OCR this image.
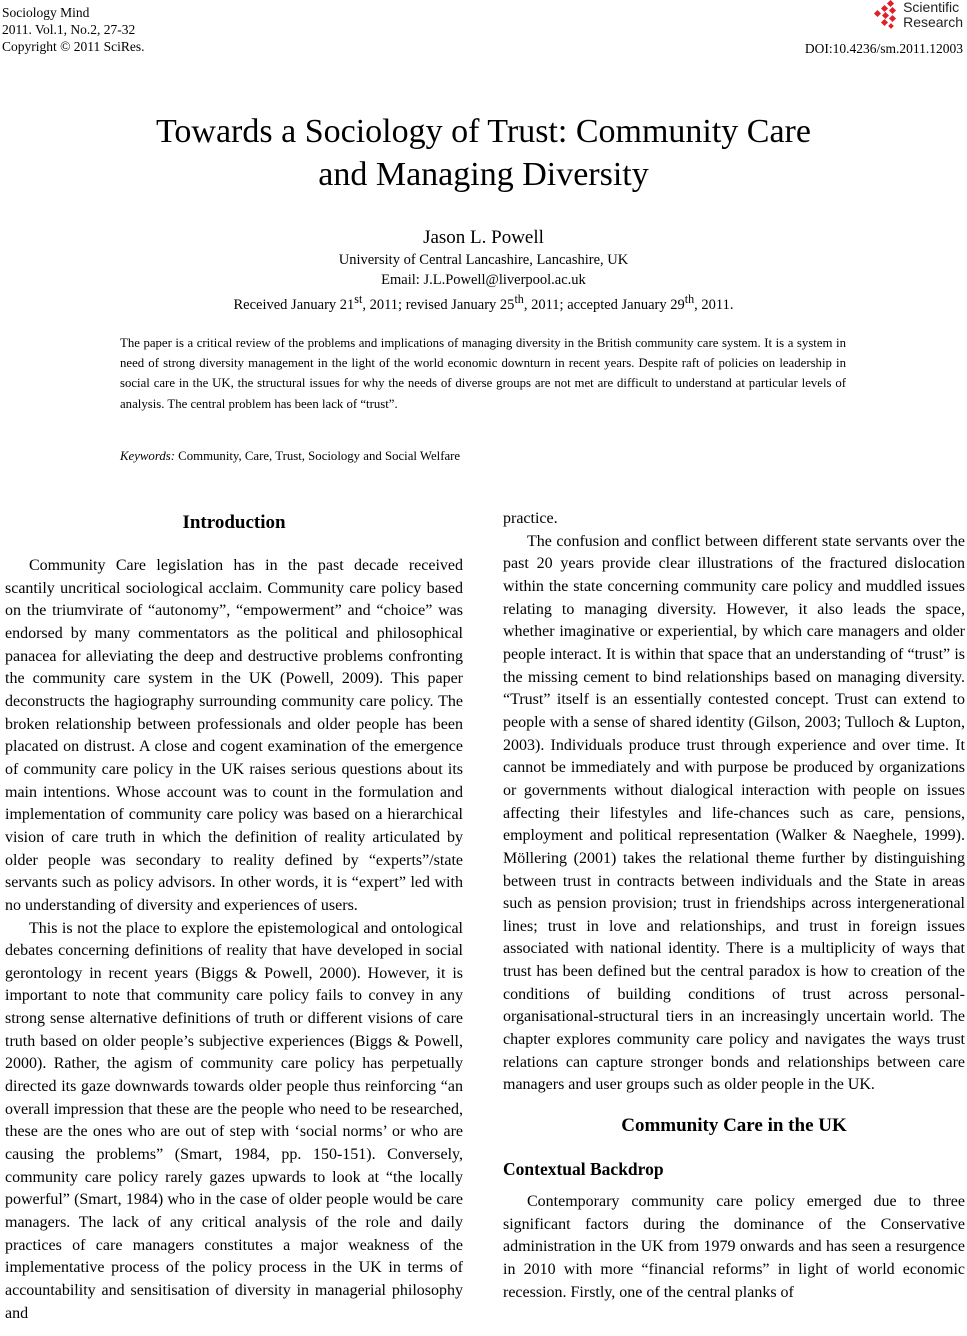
Sociology Mind
2011. Vol.1, No.2, 27-32
Copyright © 2011 SciRes.
Scientific
Research
DOI:10.4236/sm.2011.12003
Towards a Sociology of Trust: Community Care
and Managing Diversity
Jason L. Powell
University of Central Lancashire, Lancashire, UK
Email: J.L.Powell@liverpool.ac.uk
Received January 21st, 2011; revised January 25th, 2011; accepted January 29th, 2011.
The paper is a critical review of the problems and implications of managing diversity in the British community care system. It is a system in need of strong diversity management in the light of the world economic downturn in recent years. Despite raft of policies on leadership in social care in the UK, the structural issues for why the needs of diverse groups are not met are difficult to understand at particular levels of analysis. The central problem has been lack of “trust”.
Keywords: Community, Care, Trust, Sociology and Social Welfare
Introduction

Community Care legislation has in the past decade received scantily uncritical sociological acclaim. Community care policy based on the triumvirate of “autonomy”, “empowerment” and “choice” was endorsed by many commentators as the political and philosophical panacea for alleviating the deep and destructive problems confronting the community care system in the UK (Powell, 2009). This paper deconstructs the hagiography surrounding community care policy. The broken relationship between professionals and older people has been placated on distrust. A close and cogent examination of the emergence of community care policy in the UK raises serious questions about its main intentions. Whose account was to count in the formulation and implementation of community care policy was based on a hierarchical vision of care truth in which the definition of reality articulated by older people was secondary to reality defined by “experts”/state servants such as policy advisors. In other words, it is “expert” led with no understanding of diversity and experiences of users.

This is not the place to explore the epistemological and ontological debates concerning definitions of reality that have developed in social gerontology in recent years (Biggs & Powell, 2000). However, it is important to note that community care policy fails to convey in any strong sense alternative definitions of truth or different visions of care truth based on older people’s subjective experiences (Biggs & Powell, 2000). Rather, the agism of community care policy has perpetually directed its gaze downwards towards older people thus reinforcing “an overall impression that these are the people who need to be researched, these are the ones who are out of step with ‘social norms’ or who are causing the problems” (Smart, 1984, pp. 150-151). Conversely, community care policy rarely gazes upwards to look at “the locally powerful” (Smart, 1984) who in the case of older people would be care managers. The lack of any critical analysis of the role and daily practices of care managers constitutes a major weakness of the implementative process of the policy process in the UK in terms of accountability and sensitisation of diversity in managerial philosophy and

practice.

The confusion and conflict between different state servants over the past 20 years provide clear illustrations of the fractured dislocation within the state concerning community care policy and muddled issues relating to managing diversity. However, it also leads the space, whether imaginative or experiential, by which care managers and older people interact. It is within that space that an understanding of “trust” is the missing cement to bind relationships based on managing diversity. “Trust” itself is an essentially contested concept. Trust can extend to people with a sense of shared identity (Gilson, 2003; Tulloch & Lupton, 2003). Individuals produce trust through experience and over time. It cannot be immediately and with purpose be produced by organizations or governments without dialogical interaction with people on issues affecting their lifestyles and life-chances such as care, pensions, employment and political representation (Walker & Naeghele, 1999). Möllering (2001) takes the relational theme further by distinguishing between trust in contracts between individuals and the State in areas such as pension provision; trust in friendships across intergenerational lines; trust in love and relationships, and trust in foreign issues associated with national identity. There is a multiplicity of ways that trust has been defined but the central paradox is how to creation of the conditions of building conditions of trust across personal-organisational-structural tiers in an increasingly uncertain world. The chapter explores community care policy and navigates the ways trust relations can capture stronger bonds and relationships between care managers and user groups such as older people in the UK.

Community Care in the UK
Contextual Backdrop

Contemporary community care policy emerged due to three significant factors during the dominance of the Conservative administration in the UK from 1979 onwards and has seen a resurgence in 2010 with more “financial reforms” in light of world economic recession. Firstly, one of the central planks of
